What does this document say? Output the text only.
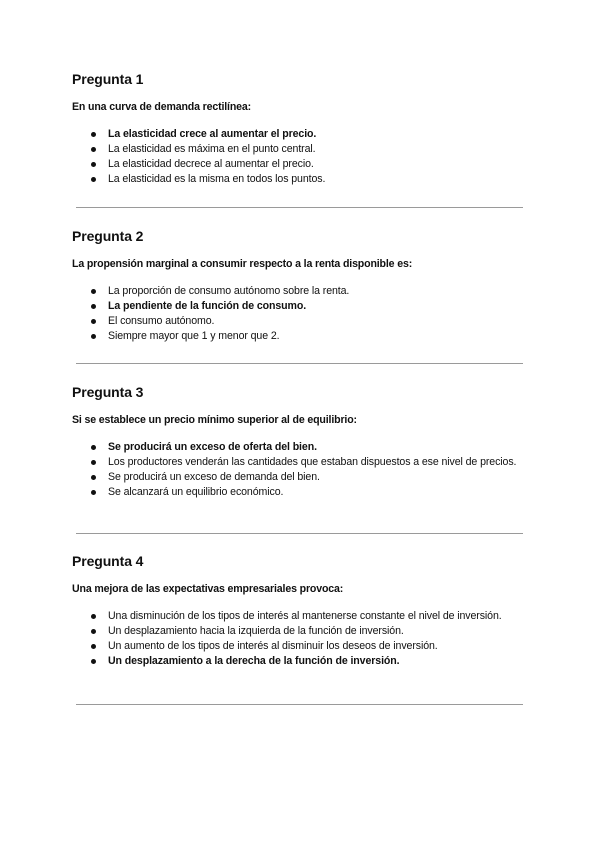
Pregunta 1

En una curva de demanda rectilínea:

La elasticidad crece al aumentar el precio.
La elasticidad es máxima en el punto central.
La elasticidad decrece al aumentar el precio.
La elasticidad es la misma en todos los puntos.
Pregunta 2

La propensión marginal a consumir respecto a la renta disponible es:

La proporción de consumo autónomo sobre la renta.
La pendiente de la función de consumo.
El consumo autónomo.
Siempre mayor que 1 y menor que 2.
Pregunta 3

Si se establece un precio mínimo superior al de equilibrio:

Se producirá un exceso de oferta del bien.
Los productores venderán las cantidades que estaban dispuestos a ese nivel de precios.
Se producirá un exceso de demanda del bien.
Se alcanzará un equilibrio económico.
Pregunta 4

Una mejora de las expectativas empresariales provoca:

Una disminución de los tipos de interés al mantenerse constante el nivel de inversión.
Un desplazamiento hacia la izquierda de la función de inversión.
Un aumento de los tipos de interés al disminuir los deseos de inversión.
Un desplazamiento a la derecha de la función de inversión.
